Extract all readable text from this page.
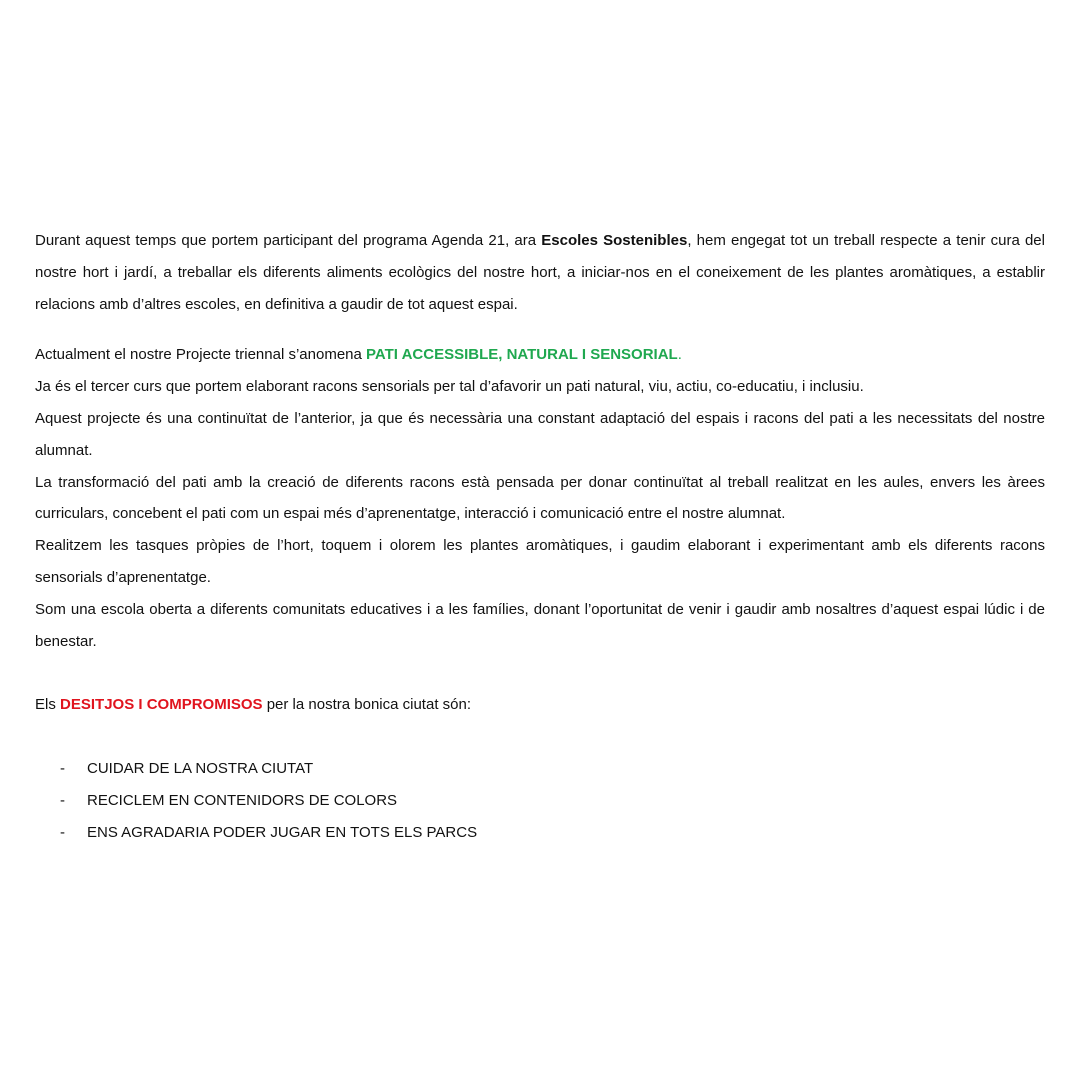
Durant aquest temps que portem participant del programa Agenda 21, ara Escoles Sostenibles, hem engegat tot un treball respecte a tenir cura del nostre hort i jardí, a treballar els diferents aliments ecològics del nostre hort, a iniciar-nos en el coneixement de les plantes aromàtiques, a establir relacions amb d’altres escoles, en definitiva a gaudir de tot aquest espai.

Actualment el nostre Projecte triennal s’anomena PATI ACCESSIBLE, NATURAL I SENSORIAL.

Ja és el tercer curs que portem elaborant racons sensorials per tal d’afavorir un pati natural, viu, actiu, co-educatiu, i inclusiu.

Aquest projecte és una continuïtat de l’anterior, ja que és necessària una constant adaptació del espais i racons del pati a les necessitats del nostre alumnat.

La transformació del pati amb la creació de diferents racons està pensada per donar continuïtat al treball realitzat en les aules, envers les àrees curriculars, concebent el pati com un espai més d’aprenentatge, interacció i comunicació entre el nostre alumnat.

Realitzem les tasques pròpies de l’hort, toquem i olorem les plantes aromàtiques, i gaudim elaborant i experimentant amb els diferents racons sensorials d’aprenentatge.

Som una escola oberta a diferents comunitats educatives i a les famílies, donant l’oportunitat de venir i gaudir amb nosaltres d’aquest espai lúdic i de benestar.

Els DESITJOS I COMPROMISOS per la nostra bonica ciutat són:

- CUIDAR DE LA NOSTRA CIUTAT
- RECICLEM EN CONTENIDORS DE COLORS
- ENS AGRADARIA PODER JUGAR EN TOTS ELS PARCS
